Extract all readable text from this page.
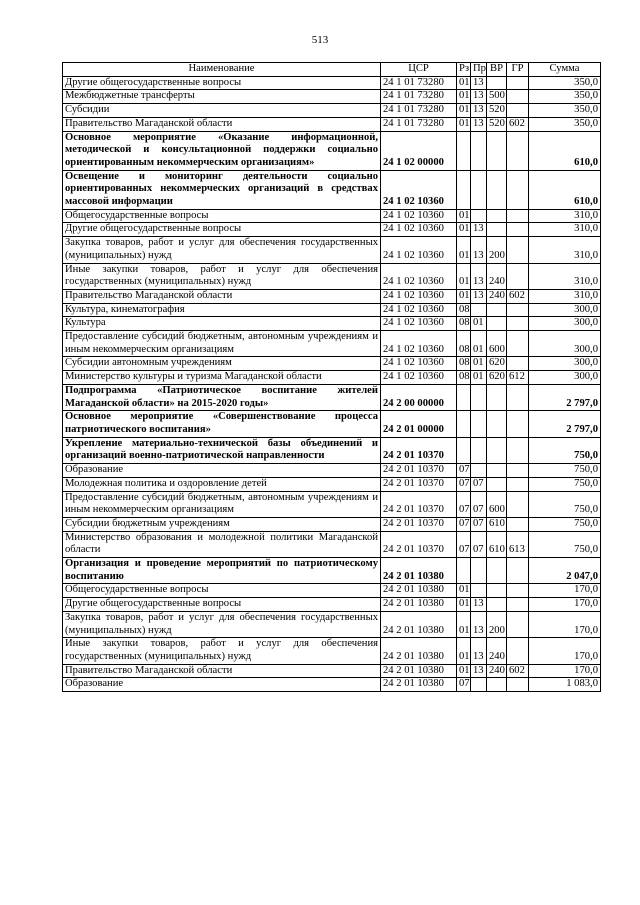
513
Наименование	ЦСР	Рз	Пр	ВР	ГР	Сумма
Другие общегосударственные вопросы	24 1 01 73280	01	13			350,0
Межбюджетные трансферты	24 1 01 73280	01	13	500		350,0
Субсидии	24 1 01 73280	01	13	520		350,0
Правительство Магаданской области	24 1 01 73280	01	13	520	602	350,0
Основное мероприятие «Оказание информационной, методической и консультационной поддержки социально ориентированным некоммерческим организациям»	24 1 02 00000					610,0
Освещение и мониторинг деятельности социально ориентированных некоммерческих организаций в средствах массовой информации	24 1 02 10360					610,0
Общегосударственные вопросы	24 1 02 10360	01				310,0
Другие общегосударственные вопросы	24 1 02 10360	01	13			310,0
Закупка товаров, работ и услуг для обеспечения государственных (муниципальных) нужд	24 1 02 10360	01	13	200		310,0
Иные закупки товаров, работ и услуг для обеспечения государственных (муниципальных) нужд	24 1 02 10360	01	13	240		310,0
Правительство Магаданской области	24 1 02 10360	01	13	240	602	310,0
Культура, кинематография	24 1 02 10360	08				300,0
Культура	24 1 02 10360	08	01			300,0
Предоставление субсидий бюджетным, автономным учреждениям и иным некоммерческим организациям	24 1 02 10360	08	01	600		300,0
Субсидии автономным учреждениям	24 1 02 10360	08	01	620		300,0
Министерство культуры и туризма Магаданской области	24 1 02 10360	08	01	620	612	300,0
Подпрограмма «Патриотическое воспитание жителей Магаданской области» на 2015-2020 годы»	24 2 00 00000					2 797,0
Основное мероприятие «Совершенствование процесса патриотического воспитания»	24 2 01 00000					2 797,0
Укрепление материально-технической базы объединений и организаций военно-патриотической направленности	24 2 01 10370					750,0
Образование	24 2 01 10370	07				750,0
Молодежная политика и оздоровление детей	24 2 01 10370	07	07			750,0
Предоставление субсидий бюджетным, автономным учреждениям и иным некоммерческим организациям	24 2 01 10370	07	07	600		750,0
Субсидии бюджетным учреждениям	24 2 01 10370	07	07	610		750,0
Министерство образования и молодежной политики Магаданской области	24 2 01 10370	07	07	610	613	750,0
Организация и проведение мероприятий по патриотическому воспитанию	24 2 01 10380					2 047,0
Общегосударственные вопросы	24 2 01 10380	01				170,0
Другие общегосударственные вопросы	24 2 01 10380	01	13			170,0
Закупка товаров, работ и услуг для обеспечения государственных (муниципальных) нужд	24 2 01 10380	01	13	200		170,0
Иные закупки товаров, работ и услуг для обеспечения государственных (муниципальных) нужд	24 2 01 10380	01	13	240		170,0
Правительство Магаданской области	24 2 01 10380	01	13	240	602	170,0
Образование	24 2 01 10380	07				1 083,0
